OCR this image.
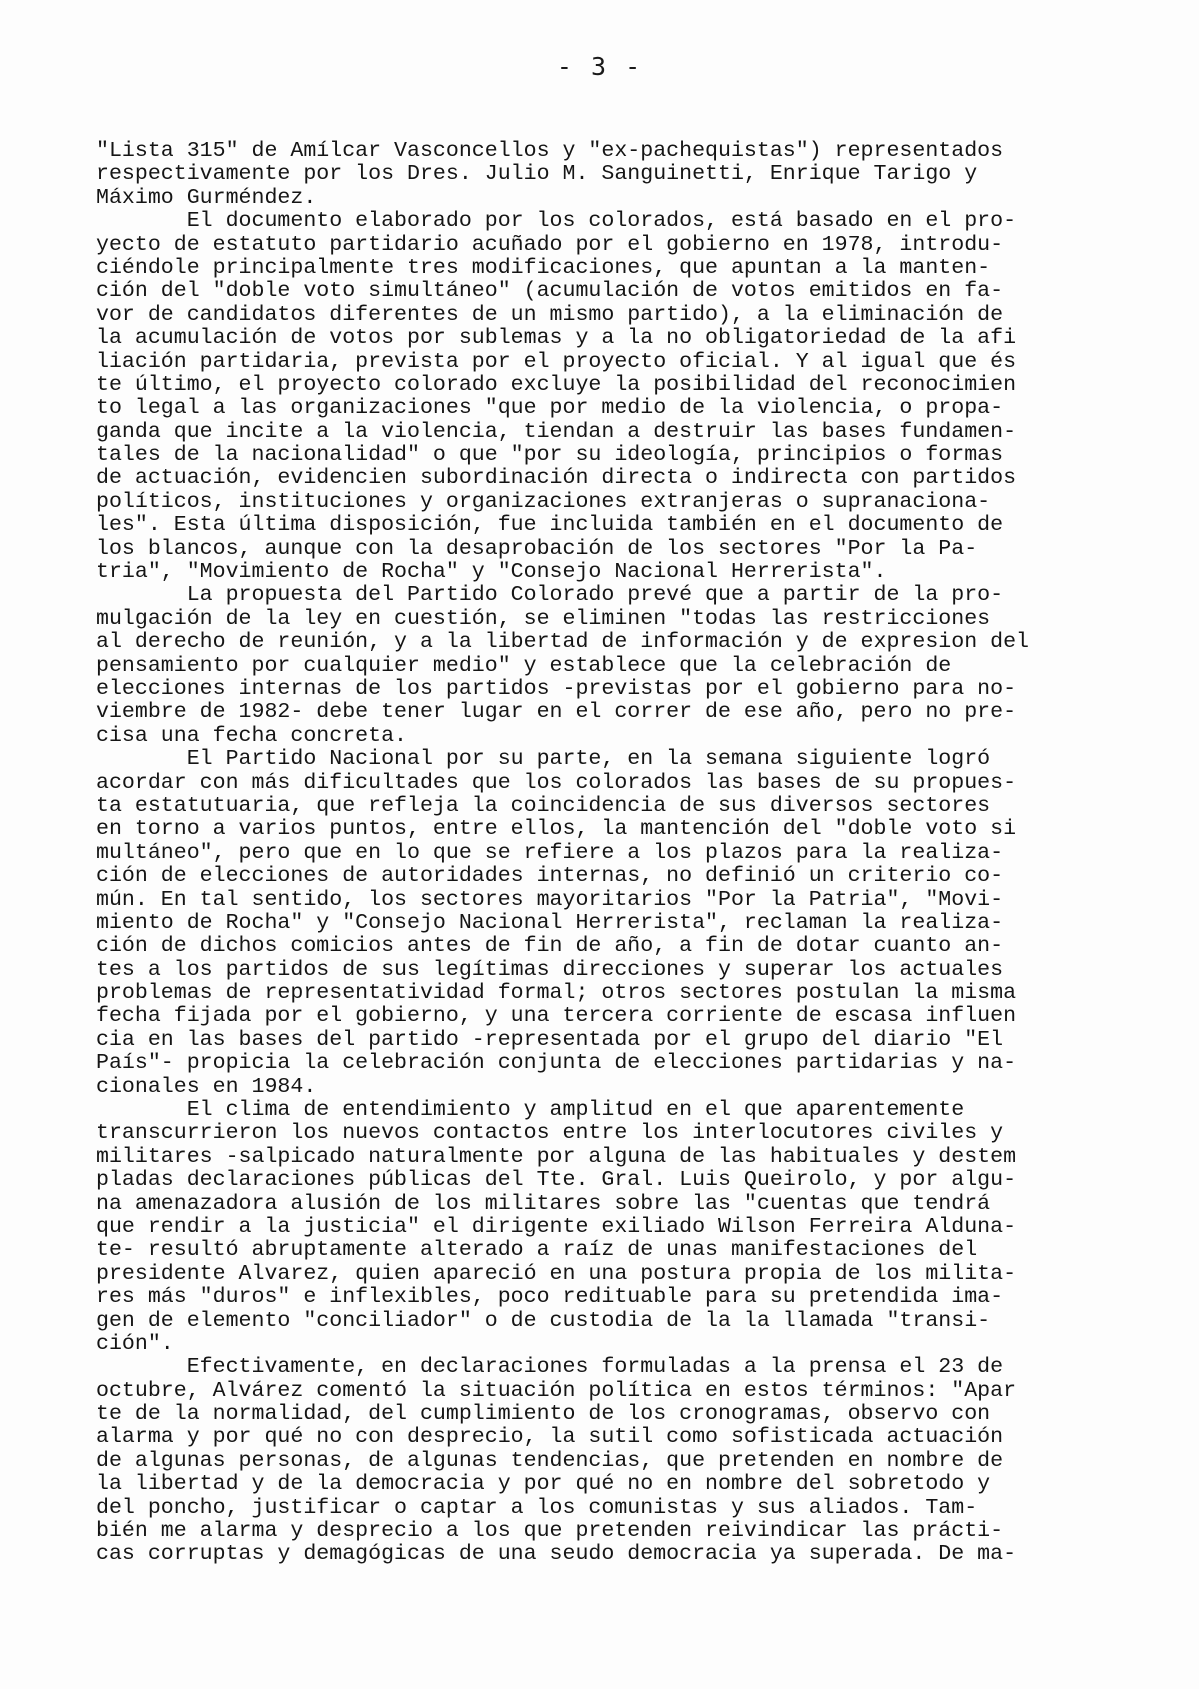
- 3 -
"Lista 315" de Amílcar Vasconcellos y "ex-pachequistas") representados
respectivamente por los Dres. Julio M. Sanguinetti, Enrique Tarigo y
Máximo Gurméndez.
El documento elaborado por los colorados, está basado en el pro-
yecto de estatuto partidario acuñado por el gobierno en 1978, introdu-
ciéndole principalmente tres modificaciones, que apuntan a la manten-
ción del "doble voto simultáneo" (acumulación de votos emitidos en fa-
vor de candidatos diferentes de un mismo partido), a la eliminación de
la acumulación de votos por sublemas y a la no obligatoriedad de la afi
liación partidaria, prevista por el proyecto oficial. Y al igual que és
te último, el proyecto colorado excluye la posibilidad del reconocimien
to legal a las organizaciones "que por medio de la violencia, o propa-
ganda que incite a la violencia, tiendan a destruir las bases fundamen-
tales de la nacionalidad" o que "por su ideología, principios o formas
de actuación, evidencien subordinación directa o indirecta con partidos
políticos, instituciones y organizaciones extranjeras o supranaciona-
les". Esta última disposición, fue incluida también en el documento de
los blancos, aunque con la desaprobación de los sectores "Por la Pa-
tria", "Movimiento de Rocha" y "Consejo Nacional Herrerista".
La propuesta del Partido Colorado prevé que a partir de la pro-
mulgación de la ley en cuestión, se eliminen "todas las restricciones
al derecho de reunión, y a la libertad de información y de expresion del
pensamiento por cualquier medio" y establece que la celebración de
elecciones internas de los partidos -previstas por el gobierno para no-
viembre de 1982- debe tener lugar en el correr de ese año, pero no pre-
cisa una fecha concreta.
El Partido Nacional por su parte, en la semana siguiente logró
acordar con más dificultades que los colorados las bases de su propues-
ta estatutuaria, que refleja la coincidencia de sus diversos sectores
en torno a varios puntos, entre ellos, la mantención del "doble voto si
multáneo", pero que en lo que se refiere a los plazos para la realiza-
ción de elecciones de autoridades internas, no definió un criterio co-
mún. En tal sentido, los sectores mayoritarios "Por la Patria", "Movi-
miento de Rocha" y "Consejo Nacional Herrerista", reclaman la realiza-
ción de dichos comicios antes de fin de año, a fin de dotar cuanto an-
tes a los partidos de sus legítimas direcciones y superar los actuales
problemas de representatividad formal; otros sectores postulan la misma
fecha fijada por el gobierno, y una tercera corriente de escasa influen
cia en las bases del partido -representada por el grupo del diario "El
País"- propicia la celebración conjunta de elecciones partidarias y na-
cionales en 1984.
El clima de entendimiento y amplitud en el que aparentemente
transcurrieron los nuevos contactos entre los interlocutores civiles y
militares -salpicado naturalmente por alguna de las habituales y destem
pladas declaraciones públicas del Tte. Gral. Luis Queirolo, y por algu-
na amenazadora alusión de los militares sobre las "cuentas que tendrá
que rendir a la justicia" el dirigente exiliado Wilson Ferreira Alduna-
te- resultó abruptamente alterado a raíz de unas manifestaciones del
presidente Alvarez, quien apareció en una postura propia de los milita-
res más "duros" e inflexibles, poco redituable para su pretendida ima-
gen de elemento "conciliador" o de custodia de la la llamada "transi-
ción".
Efectivamente, en declaraciones formuladas a la prensa el 23 de
octubre, Alvárez comentó la situación política en estos términos: "Apar
te de la normalidad, del cumplimiento de los cronogramas, observo con
alarma y por qué no con desprecio, la sutil como sofisticada actuación
de algunas personas, de algunas tendencias, que pretenden en nombre de
la libertad y de la democracia y por qué no en nombre del sobretodo y
del poncho, justificar o captar a los comunistas y sus aliados. Tam-
bién me alarma y desprecio a los que pretenden reivindicar las prácti-
cas corruptas y demagógicas de una seudo democracia ya superada. De ma-
